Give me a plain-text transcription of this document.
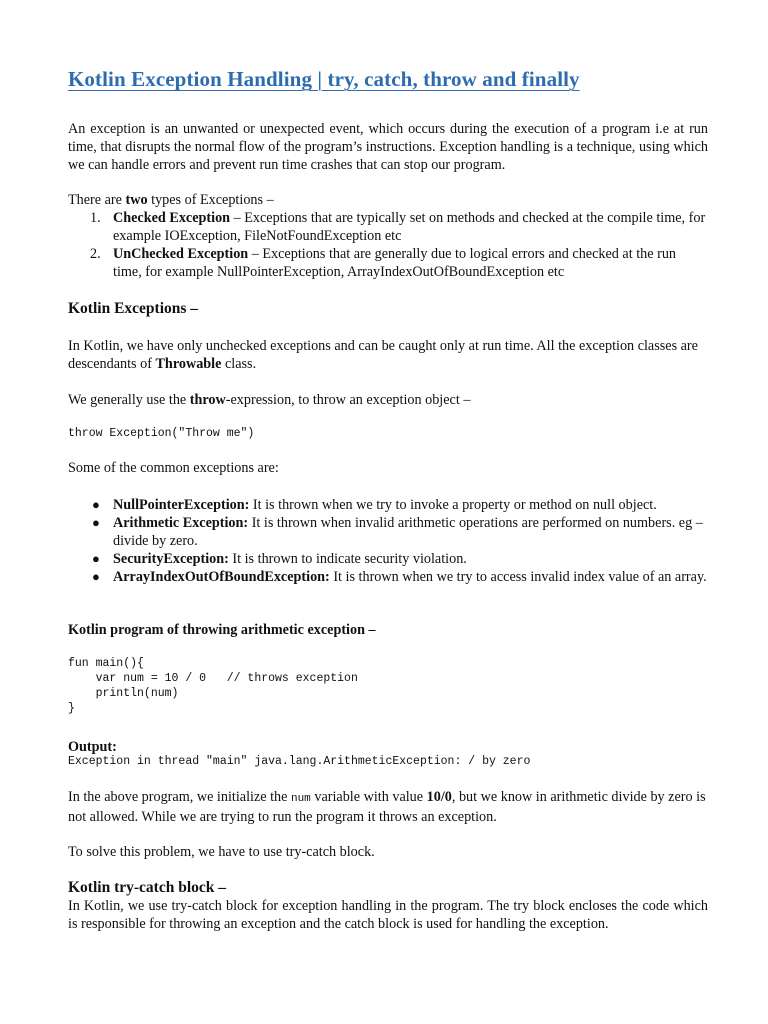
Kotlin Exception Handling | try, catch, throw and finally

An exception is an unwanted or unexpected event, which occurs during the execution of a program i.e at run time, that disrupts the normal flow of the program’s instructions. Exception handling is a technique, using which we can handle errors and prevent run time crashes that can stop our program.

There are two types of Exceptions –

1. Checked Exception – Exceptions that are typically set on methods and checked at the compile time, for example IOException, FileNotFoundException etc
2. UnChecked Exception – Exceptions that are generally due to logical errors and checked at the run time, for example NullPointerException, ArrayIndexOutOfBoundException etc

Kotlin Exceptions –

In Kotlin, we have only unchecked exceptions and can be caught only at run time. All the exception classes are descendants of Throwable class.

We generally use the throw-expression, to throw an exception object –

throw Exception("Throw me")

Some of the common exceptions are:

● NullPointerException: It is thrown when we try to invoke a property or method on null object.
● Arithmetic Exception: It is thrown when invalid arithmetic operations are performed on numbers. eg – divide by zero.
● SecurityException: It is thrown to indicate security violation.
● ArrayIndexOutOfBoundException: It is thrown when we try to access invalid index value of an array.

Kotlin program of throwing arithmetic exception –

fun main(){
var num = 10 / 0   // throws exception
println(num)
}

Output:

Exception in thread "main" java.lang.ArithmeticException: / by zero

In the above program, we initialize the num variable with value 10/0, but we know in arithmetic divide by zero is not allowed. While we are trying to run the program it throws an exception.

To solve this problem, we have to use try-catch block.

Kotlin try-catch block –

In Kotlin, we use try-catch block for exception handling in the program. The try block encloses the code which is responsible for throwing an exception and the catch block is used for handling the exception.
